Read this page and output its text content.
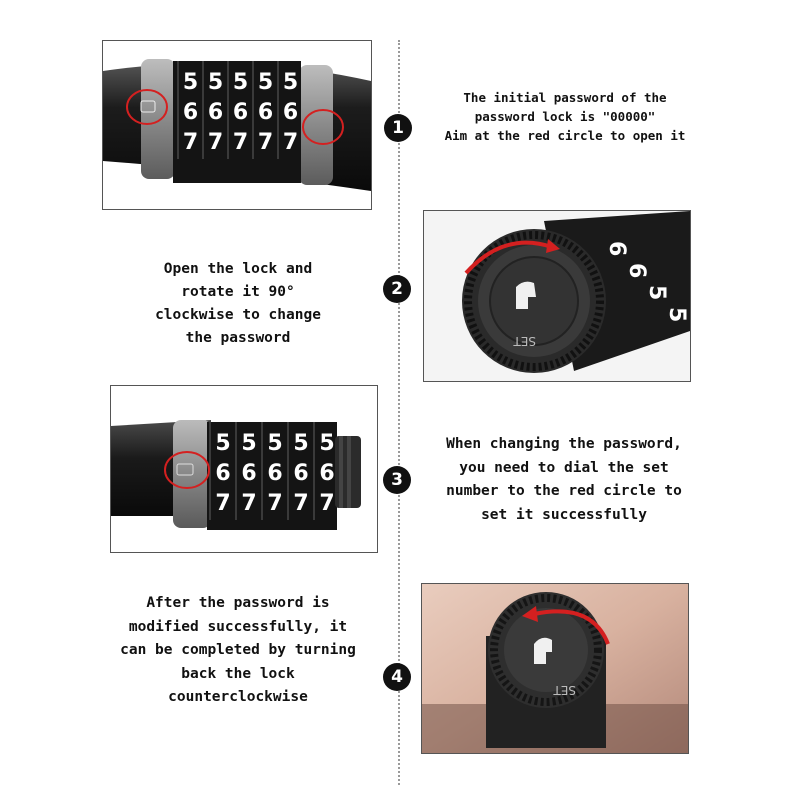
5
6
7
5
6
7
5
6
7
5
6
7
5
6
7
1
The initial password of the
password lock is "00000"
Aim at the red circle to open it
Open the lock and
rotate it 90°
clockwise to change
the password
2
6
6
5
5
SET
5
6
7
5
6
7
5
6
7
5
6
7
5
6
7
3
When changing the password,
you need to dial the set
number to the red circle to
set it successfully
After the password is
modified successfully, it
can be completed by turning
back the lock
counterclockwise
4
SET
